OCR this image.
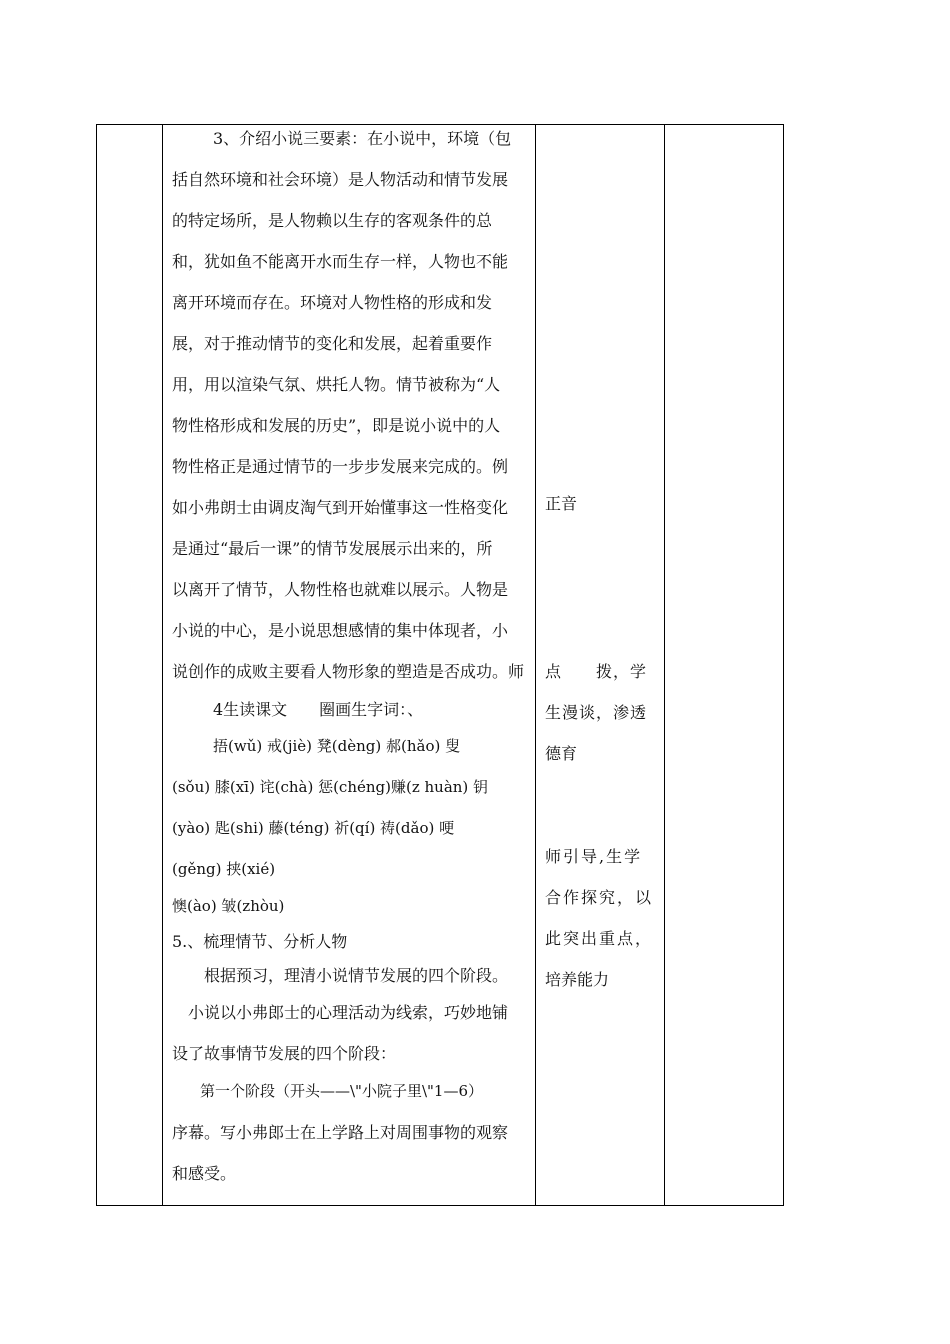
3、介绍小说三要素：在小说中，环境（包
括自然环境和社会环境）是人物活动和情节发展
的特定场所，是人物赖以生存的客观条件的总
和，犹如鱼不能离开水而生存一样，人物也不能
离开环境而存在。环境对人物性格的形成和发
展，对于推动情节的变化和发展，起着重要作
用，用以渲染气氛、烘托人物。情节被称为“人
物性格形成和发展的历史”，即是说小说中的人
物性格正是通过情节的一步步发展来完成的。例
如小弗朗士由调皮淘气到开始懂事这一性格变化
是通过“最后一课”的情节发展展示出来的，所
以离开了情节，人物性格也就难以展示。人物是
小说的中心，是小说思想感情的集中体现者，小
说创作的成败主要看人物形象的塑造是否成功。师
4生读课文　　圈画生字词：、
捂(wǔ) 戒(jiè) 凳(dèng) 郝(hǎo) 叟
(sǒu) 膝(xī) 诧(chà) 惩(chéng)赚(z huàn) 钥
(yào) 匙(shi) 藤(téng) 祈(qí) 祷(dǎo) 哽
(gěng) 挟(xié)
懊(ào) 皱(zhòu)
5.、梳理情节、分析人物
根据预习，理清小说情节发展的四个阶段。
小说以小弗郎士的心理活动为线索，巧妙地铺
设了故事情节发展的四个阶段：
第一个阶段（开头——\"小院子里\"1—6）
序幕。写小弗郎士在上学路上对周围事物的观察
和感受。
正音
点　　拨，学
生漫谈，渗透
德育
师引导,生学
合作探究，以
此突出重点，
培养能力
